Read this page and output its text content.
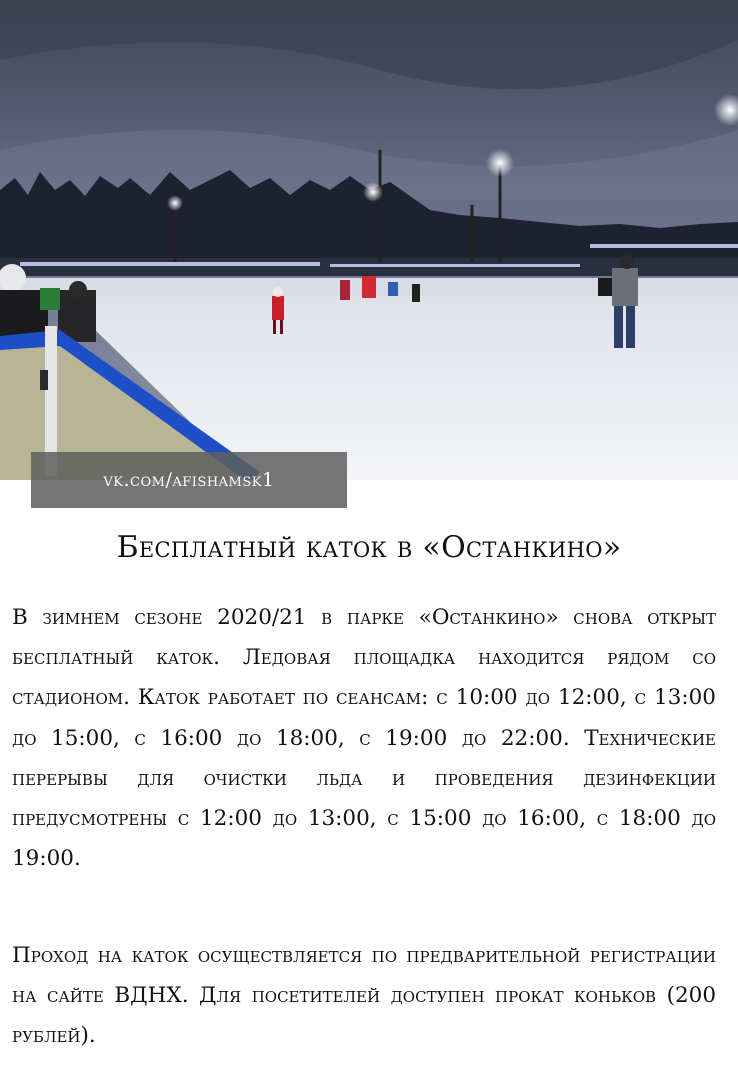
vk.com/afishamsk1
Бесплатный каток в «Останкино»

В зимнем сезоне 2020/21 в парке «Останкино» снова открыт бесплатный каток. Ледовая площадка находится рядом со стадионом. Каток работает по сеансам: с 10:00 до 12:00, с 13:00 до 15:00, с 16:00 до 18:00, с 19:00 до 22:00. Технические перерывы для очистки льда и проведения дезинфекции предусмотрены с 12:00 до 13:00, с 15:00 до 16:00, с 18:00 до 19:00.

Проход на каток осуществляется по предварительной регистрации на сайте ВДНХ. Для посетителей доступен прокат коньков (200 рублей).
